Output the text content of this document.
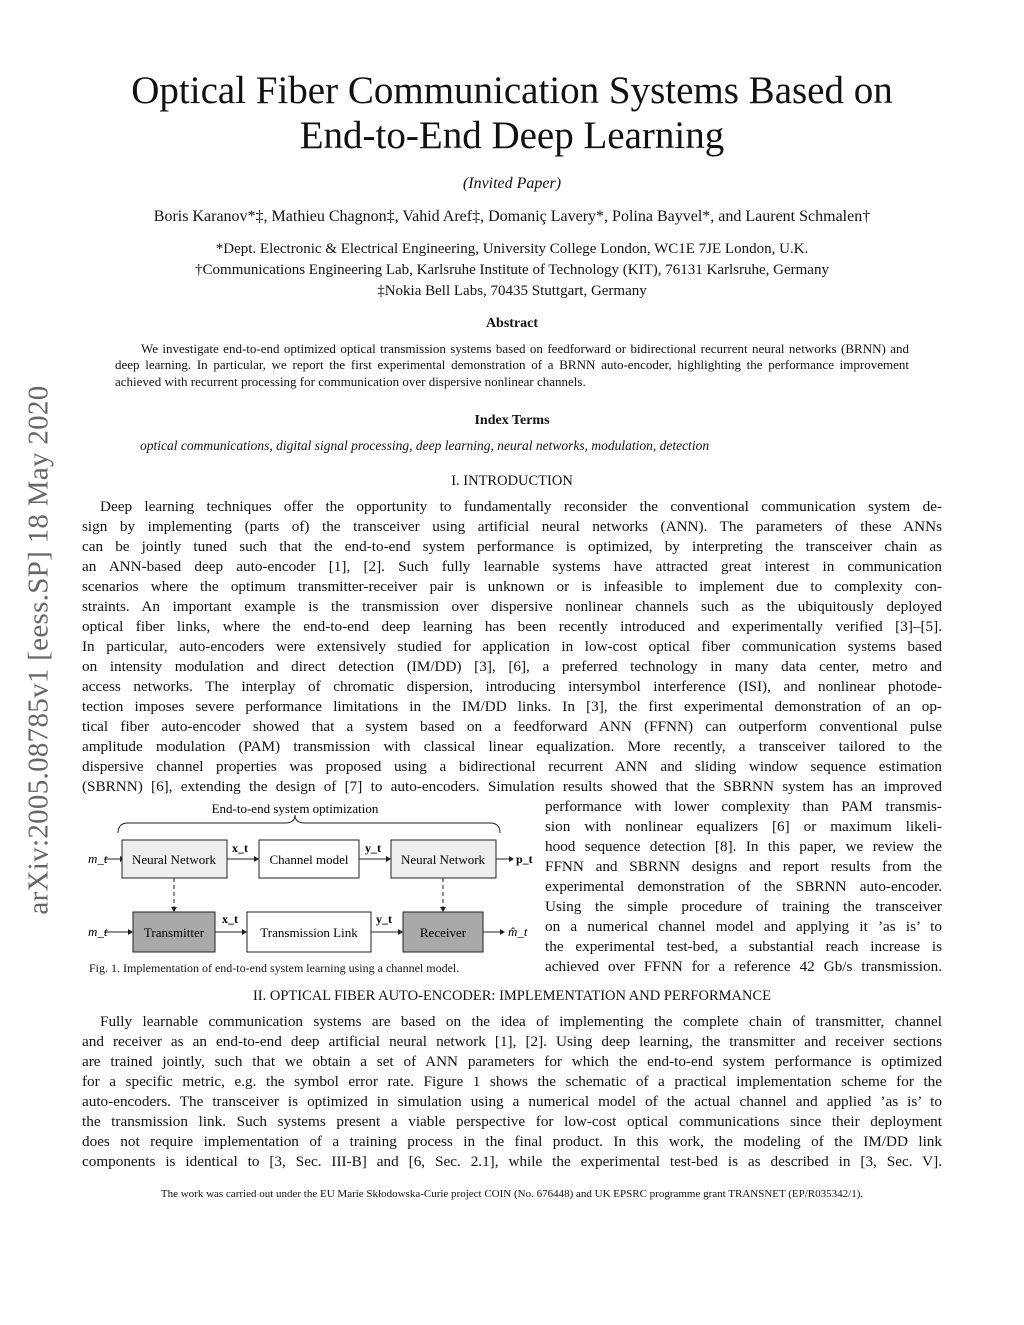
arXiv:2005.08785v1 [eess.SP] 18 May 2020
Optical Fiber Communication Systems Based on
End-to-End Deep Learning
(Invited Paper)
Boris Karanov*‡, Mathieu Chagnon‡, Vahid Aref‡, Domaniç Lavery*, Polina Bayvel*, and Laurent Schmalen†
*Dept. Electronic & Electrical Engineering, University College London, WC1E 7JE London, U.K.
†Communications Engineering Lab, Karlsruhe Institute of Technology (KIT), 76131 Karlsruhe, Germany
‡Nokia Bell Labs, 70435 Stuttgart, Germany
Abstract
We investigate end-to-end optimized optical transmission systems based on feedforward or bidirectional recurrent neural networks (BRNN) and deep learning. In particular, we report the first experimental demonstration of a BRNN auto-encoder, highlighting the performance improvement achieved with recurrent processing for communication over dispersive nonlinear channels.
Index Terms
optical communications, digital signal processing, deep learning, neural networks, modulation, detection
I. INTRODUCTION
Deep learning techniques offer the opportunity to fundamentally reconsider the conventional communication system de-
sign by implementing (parts of) the transceiver using artificial neural networks (ANN). The parameters of these ANNs
can be jointly tuned such that the end-to-end system performance is optimized, by interpreting the transceiver chain as
an ANN-based deep auto-encoder [1], [2]. Such fully learnable systems have attracted great interest in communication
scenarios where the optimum transmitter-receiver pair is unknown or is infeasible to implement due to complexity con-
straints. An important example is the transmission over dispersive nonlinear channels such as the ubiquitously deployed
optical fiber links, where the end-to-end deep learning has been recently introduced and experimentally verified [3]–[5].
In particular, auto-encoders were extensively studied for application in low-cost optical fiber communication systems based
on intensity modulation and direct detection (IM/DD) [3], [6], a preferred technology in many data center, metro and
access networks. The interplay of chromatic dispersion, introducing intersymbol interference (ISI), and nonlinear photode-
tection imposes severe performance limitations in the IM/DD links. In [3], the first experimental demonstration of an op-
tical fiber auto-encoder showed that a system based on a feedforward ANN (FFNN) can outperform conventional pulse
amplitude modulation (PAM) transmission with classical linear equalization. More recently, a transceiver tailored to the
dispersive channel properties was proposed using a bidirectional recurrent ANN and sliding window sequence estimation
(SBRNN) [6], extending the design of [7] to auto-encoders. Simulation results showed that the SBRNN system has an improved
End-to-end system optimization
m_t Neural Network
x_t
Channel model
y_t
Neural Network	p_t
m_t	Transmitter
x_t
Transmission Link
y_t
Receiver	m̂_t
Fig. 1. Implementation of end-to-end system learning using a channel model.
performance with lower complexity than PAM transmis-
sion with nonlinear equalizers [6] or maximum likeli-
hood sequence detection [8]. In this paper, we review the
FFNN and SBRNN designs and report results from the
experimental demonstration of the SBRNN auto-encoder.
Using the simple procedure of training the transceiver
on a numerical channel model and applying it ’as is’ to
the experimental test-bed, a substantial reach increase is
achieved over FFNN for a reference 42 Gb/s transmission.
II. OPTICAL FIBER AUTO-ENCODER: IMPLEMENTATION AND PERFORMANCE
Fully learnable communication systems are based on the idea of implementing the complete chain of transmitter, channel
and receiver as an end-to-end deep artificial neural network [1], [2]. Using deep learning, the transmitter and receiver sections
are trained jointly, such that we obtain a set of ANN parameters for which the end-to-end system performance is optimized
for a specific metric, e.g. the symbol error rate. Figure 1 shows the schematic of a practical implementation scheme for the
auto-encoders. The transceiver is optimized in simulation using a numerical model of the actual channel and applied ’as is’ to
the transmission link. Such systems present a viable perspective for low-cost optical communications since their deployment
does not require implementation of a training process in the final product. In this work, the modeling of the IM/DD link
components is identical to [3, Sec. III-B] and [6, Sec. 2.1], while the experimental test-bed is as described in [3, Sec. V].
The work was carried out under the EU Marie Skłodowska-Curie project COIN (No. 676448) and UK EPSRC programme grant TRANSNET (EP/R035342/1).
